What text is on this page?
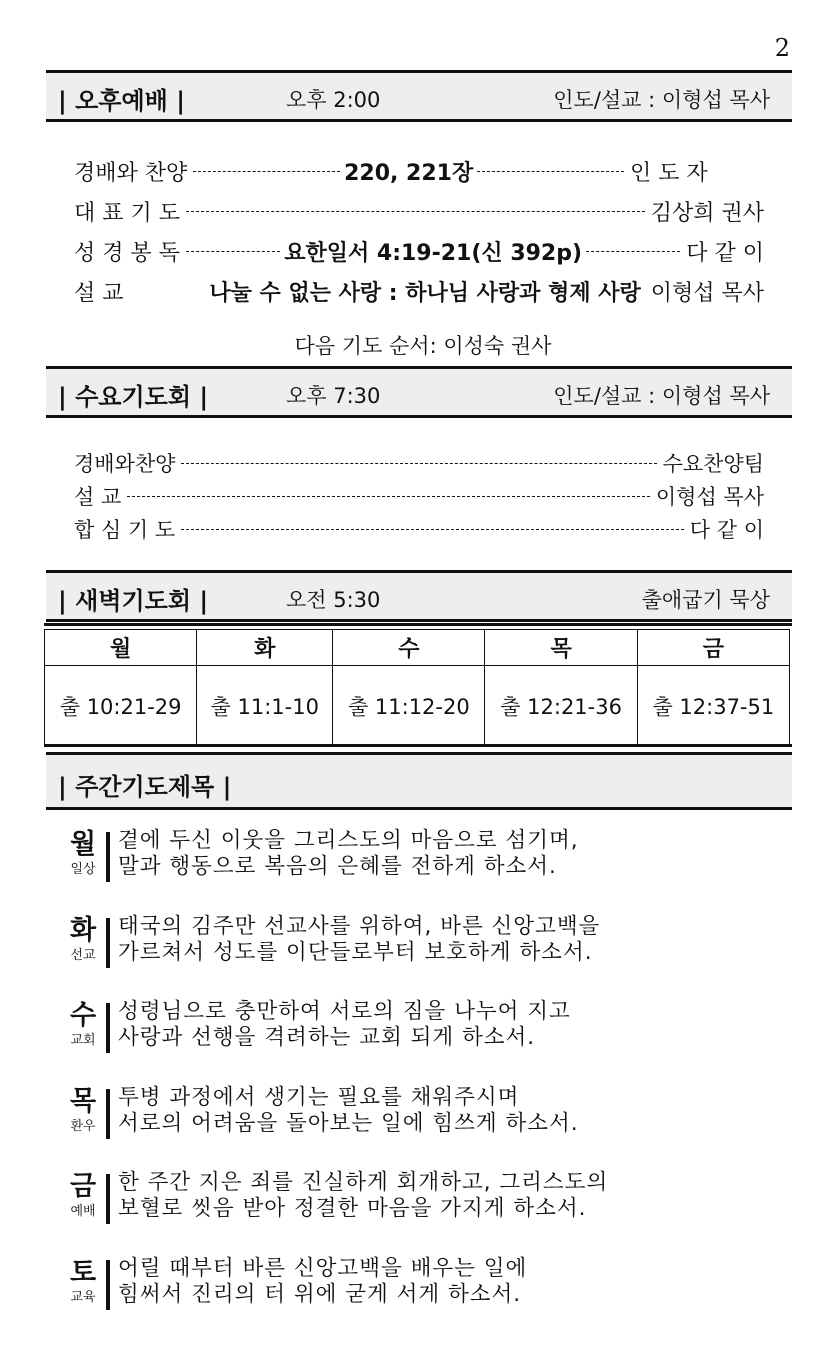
2
| 오후예배 |	오후 2:00	인도/설교 : 이형섭 목사
경배와 찬양	220, 221장	인 도 자
대 표 기 도	김상희 권사
성 경 봉 독	요한일서 4:19-21(신 392p)	다 같 이
설 교	나눌 수 없는 사랑 : 하나님 사랑과 형제 사랑 이형섭 목사
다음 기도 순서: 이성숙 권사
| 수요기도회 |	오후 7:30	인도/설교 : 이형섭 목사
경배와찬양	수요찬양팀
설 교	이형섭 목사
합 심 기 도	다 같 이
| 새벽기도회 |	오전 5:30	출애굽기 묵상
월	화	수	목	금
출 10:21-29	출 11:1-10	출 11:12-20	출 12:21-36	출 12:37-51
| 주간기도제목 |
월
일상
곁에 두신 이웃을 그리스도의 마음으로 섬기며,
말과 행동으로 복음의 은혜를 전하게 하소서.
화
선교
태국의 김주만 선교사를 위하여, 바른 신앙고백을
가르쳐서 성도를 이단들로부터 보호하게 하소서.
수
교회
성령님으로 충만하여 서로의 짐을 나누어 지고
사랑과 선행을 격려하는 교회 되게 하소서.
목
환우
투병 과정에서 생기는 필요를 채워주시며
서로의 어려움을 돌아보는 일에 힘쓰게 하소서.
금
예배
한 주간 지은 죄를 진실하게 회개하고, 그리스도의
보혈로 씻음 받아 정결한 마음을 가지게 하소서.
토
교육
어릴 때부터 바른 신앙고백을 배우는 일에
힘써서 진리의 터 위에 굳게 서게 하소서.
